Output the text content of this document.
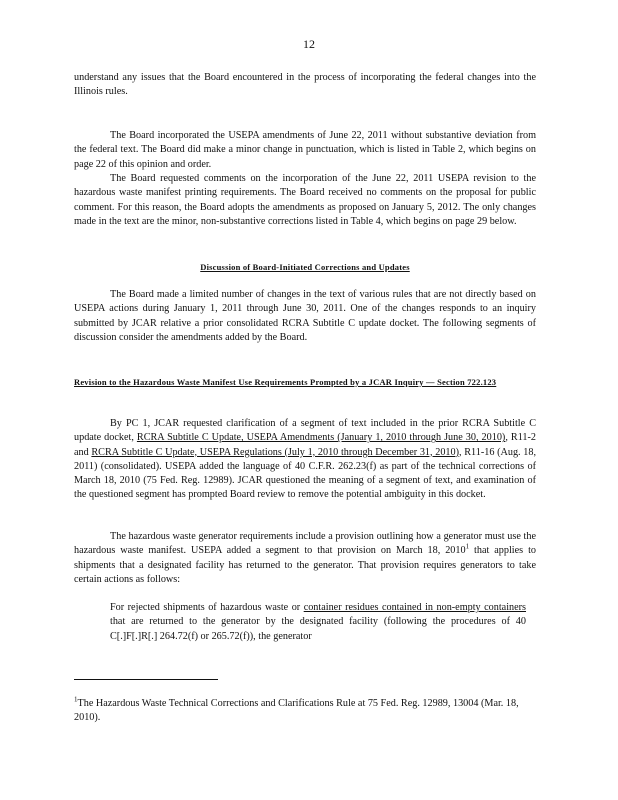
12

understand any issues that the Board encountered in the process of incorporating the federal changes into the Illinois rules.

The Board incorporated the USEPA amendments of June 22, 2011 without substantive deviation from the federal text. The Board did make a minor change in punctuation, which is listed in Table 2, which begins on page 22 of this opinion and order.

The Board requested comments on the incorporation of the June 22, 2011 USEPA revision to the hazardous waste manifest printing requirements. The Board received no comments on the proposal for public comment. For this reason, the Board adopts the amendments as proposed on January 5, 2012. The only changes made in the text are the minor, non-substantive corrections listed in Table 4, which begins on page 29 below.

Discussion of Board-Initiated Corrections and Updates

The Board made a limited number of changes in the text of various rules that are not directly based on USEPA actions during January 1, 2011 through June 30, 2011. One of the changes responds to an inquiry submitted by JCAR relative a prior consolidated RCRA Subtitle C update docket. The following segments of discussion consider the amendments added by the Board.

Revision to the Hazardous Waste Manifest Use Requirements Prompted by a JCAR Inquiry — Section 722.123

By PC 1, JCAR requested clarification of a segment of text included in the prior RCRA Subtitle C update docket, RCRA Subtitle C Update, USEPA Amendments (January 1, 2010 through June 30, 2010), R11-2 and RCRA Subtitle C Update, USEPA Regulations (July 1, 2010 through December 31, 2010), R11-16 (Aug. 18, 2011) (consolidated). USEPA added the language of 40 C.F.R. 262.23(f) as part of the technical corrections of March 18, 2010 (75 Fed. Reg. 12989). JCAR questioned the meaning of a segment of text, and examination of the questioned segment has prompted Board review to remove the potential ambiguity in this docket.

The hazardous waste generator requirements include a provision outlining how a generator must use the hazardous waste manifest. USEPA added a segment to that provision on March 18, 2010$^1$ that applies to shipments that a designated facility has returned to the generator. That provision requires generators to take certain actions as follows:

For rejected shipments of hazardous waste or container residues contained in non-empty containers that are returned to the generator by the designated facility (following the procedures of 40 C[.]F[.]R[.] 264.72(f) or 265.72(f)), the generator

$^1$The Hazardous Waste Technical Corrections and Clarifications Rule at 75 Fed. Reg. 12989, 13004 (Mar. 18, 2010).
